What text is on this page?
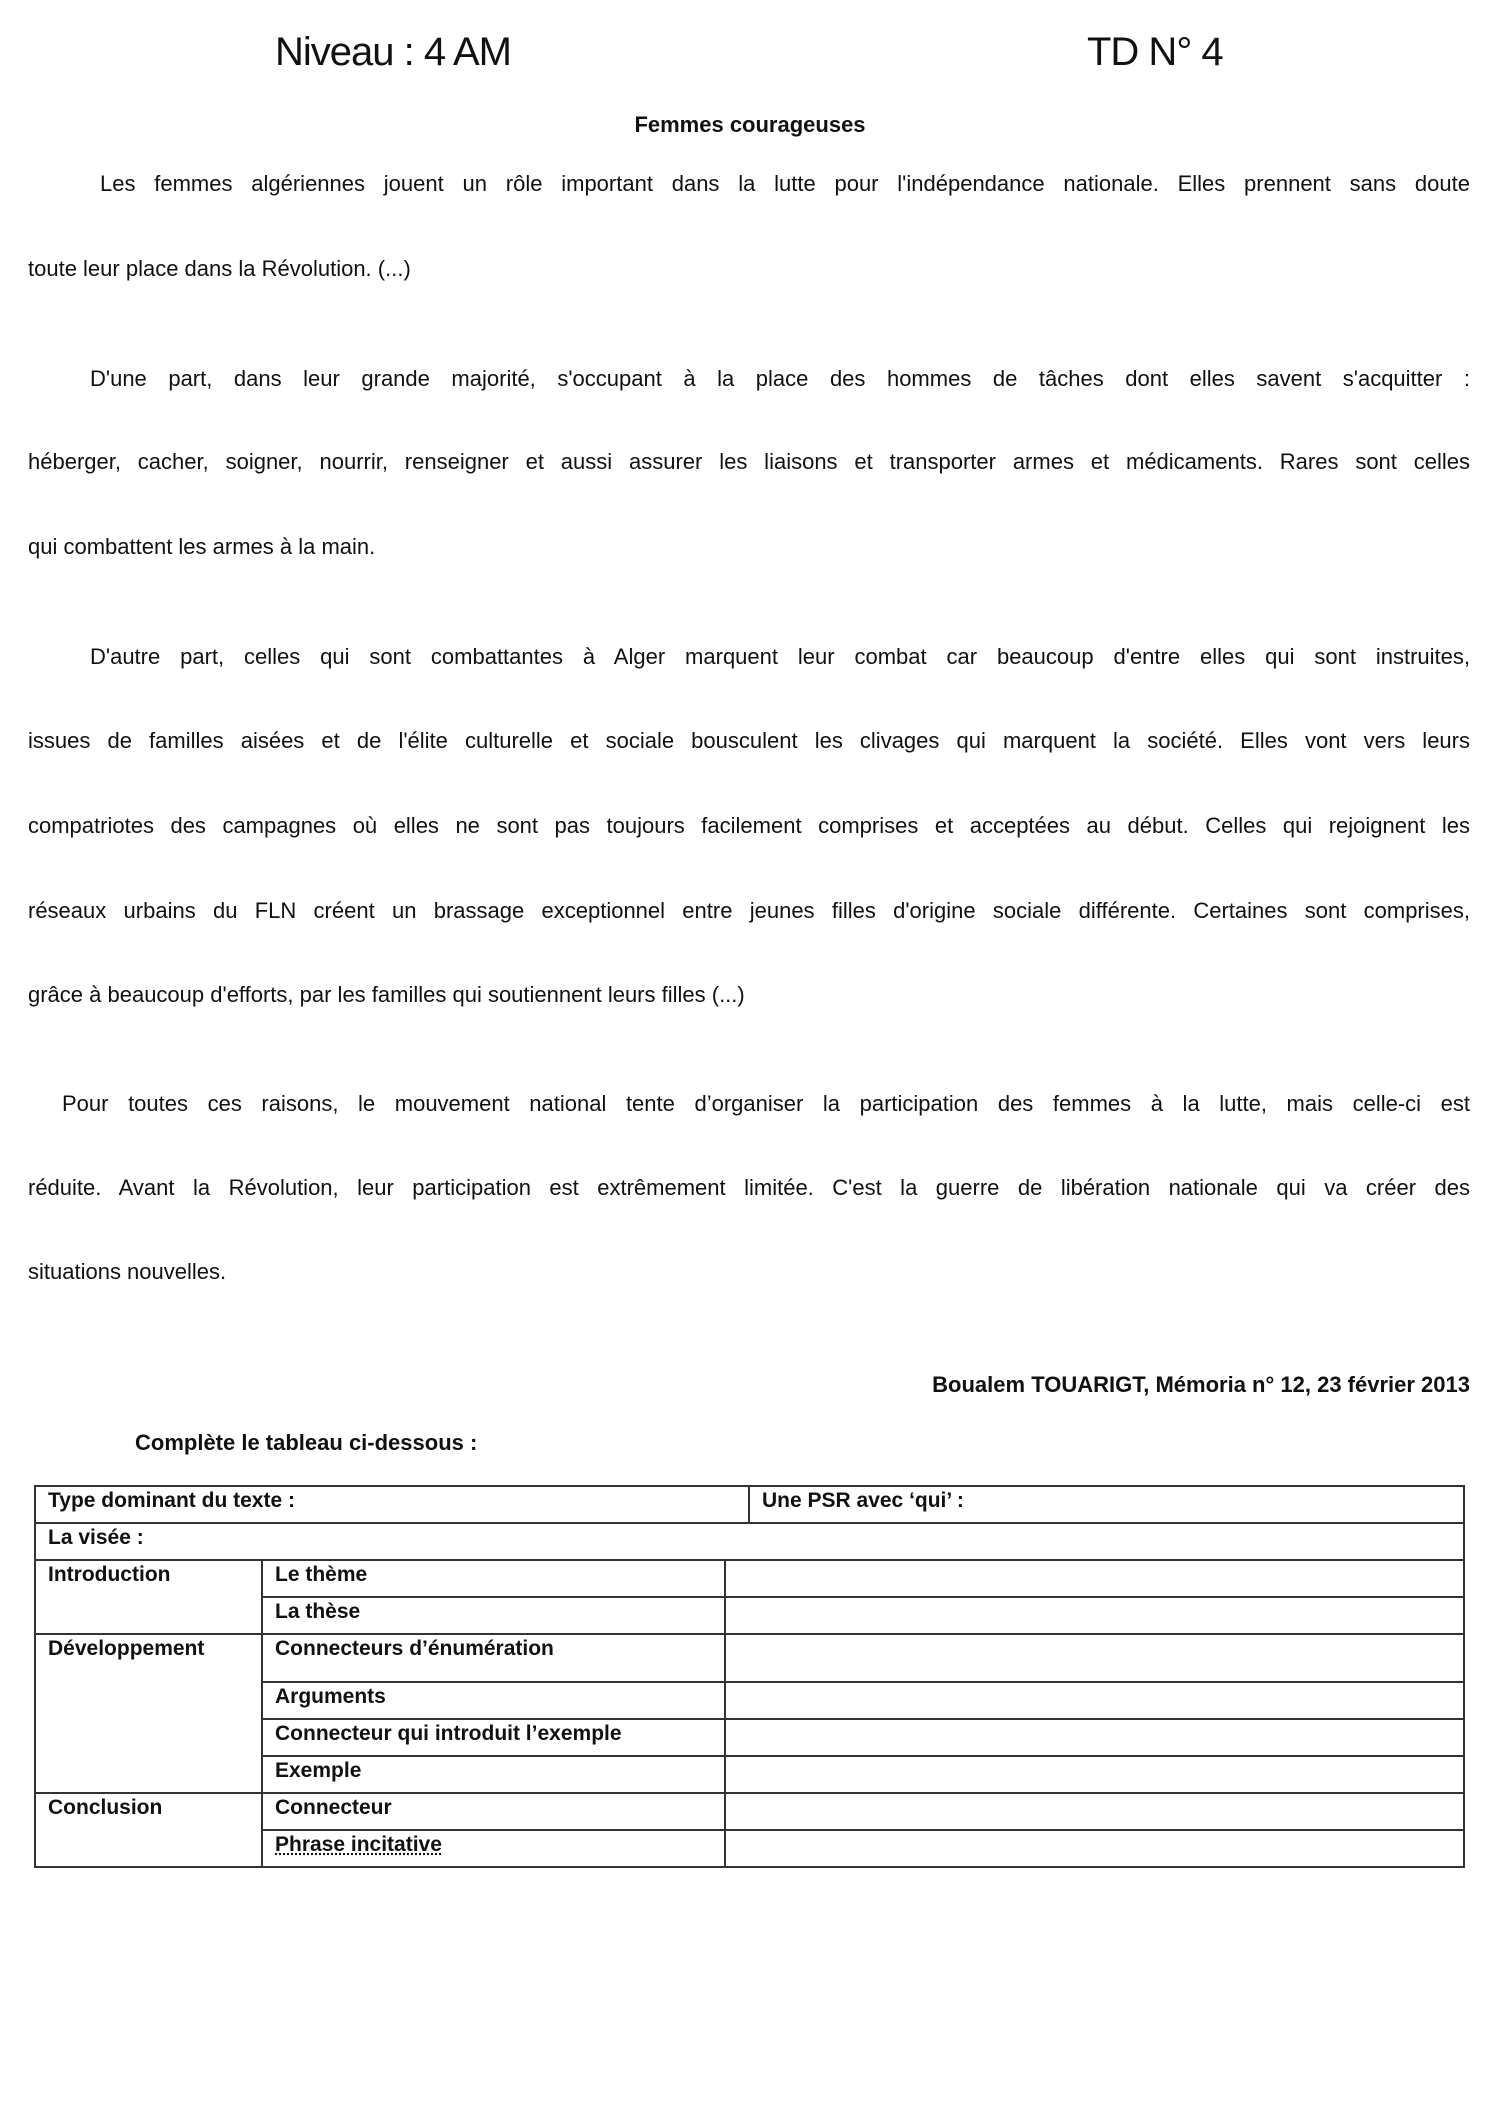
Niveau : 4 AM	TD N° 4
Femmes courageuses
Les femmes algériennes jouent un rôle important dans la lutte pour l'indépendance nationale. Elles prennent sans doute
toute leur place dans la Révolution. (...)
D'une part, dans leur grande majorité, s'occupant à la place des hommes de tâches dont elles savent s'acquitter :
héberger, cacher, soigner, nourrir, renseigner et aussi assurer les liaisons et transporter armes et médicaments. Rares sont celles
qui combattent les armes à la main.
D'autre part, celles qui sont combattantes à Alger marquent leur combat car beaucoup d'entre elles qui sont instruites,
issues de familles aisées et de l'élite culturelle et sociale bousculent les clivages qui marquent la société. Elles vont vers leurs
compatriotes des campagnes où elles ne sont pas toujours facilement comprises et acceptées au début. Celles qui rejoignent les
réseaux urbains du FLN créent un brassage exceptionnel entre jeunes filles d'origine sociale différente. Certaines sont comprises,
grâce à beaucoup d'efforts, par les familles qui soutiennent leurs filles (...)
Pour toutes ces raisons, le mouvement national tente d’organiser la participation des femmes à la lutte, mais celle-ci est
réduite. Avant la Révolution, leur participation est extrêmement limitée. C'est la guerre de libération nationale qui va créer des
situations nouvelles.
Boualem TOUARIGT, Mémoria n° 12, 23 février 2013
Complète le tableau ci-dessous :
Type dominant du texte :			Une PSR avec ‘qui’ :
La visée :			
Introduction	Le thème		
	La thèse		
Développement	Connecteurs d’énumération		
	Arguments		
	Connecteur qui introduit l’exemple		
	Exemple		
Conclusion	Connecteur		
	Phrase incitative		
